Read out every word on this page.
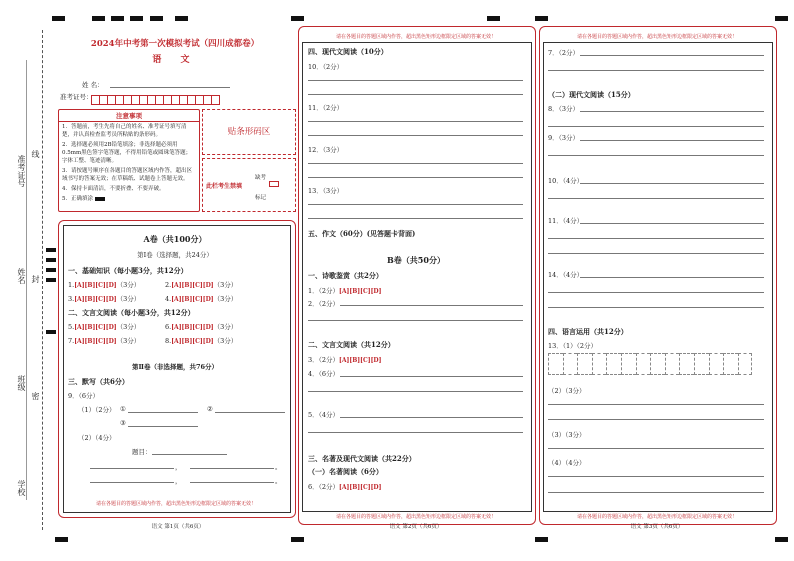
准考证号
线
姓名 封
班级
密
学校
2024年中考第一次模拟考试（四川成都卷）
语 文
姓 名：
准考证号：
注意事项
1．答题前，考生先将自己的姓名、准考证号填写清楚，并认真检查监考员所粘贴的条形码。
2．选择题必须用2B铅笔填涂；非选择题必须用0.5mm黑色签字笔答题，不得用铅笔或圆珠笔答题；字体工整、笔迹清晰。
3．请按题号顺序在各题目的答题区域内作答，超出区域书写的答案无效；在草稿纸、试题卷上答题无效。
4．保持卡面清洁，不要折叠、不要弄破。
5．正确填涂
贴条形码区
此栏考生禁填
缺考
标记
A卷（共100分）
第Ⅰ卷（选择题，共24分）
一、基础知识（每小题3分，共12分）
1.[A][B][C][D]（3分）	2.[A][B][C][D]（3分）
3.[A][B][C][D]（3分）	4.[A][B][C][D]（3分）
二、文言文阅读（每小题3分，共12分）
5.[A][B][C][D]（3分）	6.[A][B][C][D]（3分）
7.[A][B][C][D]（3分）	8.[A][B][C][D]（3分）
第Ⅱ卷（非选择题，共76分）
三、默写（共6分）
9．（6分）
（1）（2分） ①	②
③
（2）（4分）
题目：
，	。
，	。
请在各题目的答题区域内作答，超出黑色矩形边框限定区域的答案无效！
语文 第1页（共6页）
请在各题目的答题区域内作答，超出黑色矩形边框限定区域的答案无效！
请在各题目的答题区域内作答，超出黑色矩形边框限定区域的答案无效！
语文 第2页（共6页）
四、现代文阅读（10分）
10．（2分）
11．（2分）
12．（3分）
13．（3分）
五、作文（60分）(见答题卡背面)
B卷（共50分）
一、诗歌鉴赏（共2分）
1．（2分）[A][B][C][D]
2．（2分）
二、文言文阅读（共12分）
3．（2分）[A][B][C][D]
4．（6分）
5．（4分）
三、名著及现代文阅读（共22分）
（一）名著阅读（6分）
6．（2分）[A][B][C][D]
请在各题目的答题区域内作答，超出黑色矩形边框限定区域的答案无效！
请在各题目的答题区域内作答，超出黑色矩形边框限定区域的答案无效！
语文 第3页（共6页）
7．（2分）
（二）现代文阅读（15分）
8．（3分）
9．（3分）
10．（4分）
11．（4分）
14．（4分）
四、语言运用（共12分）
13．（1）（2分）
（2）（3分）
（3）（3分）
（4）（4分）
